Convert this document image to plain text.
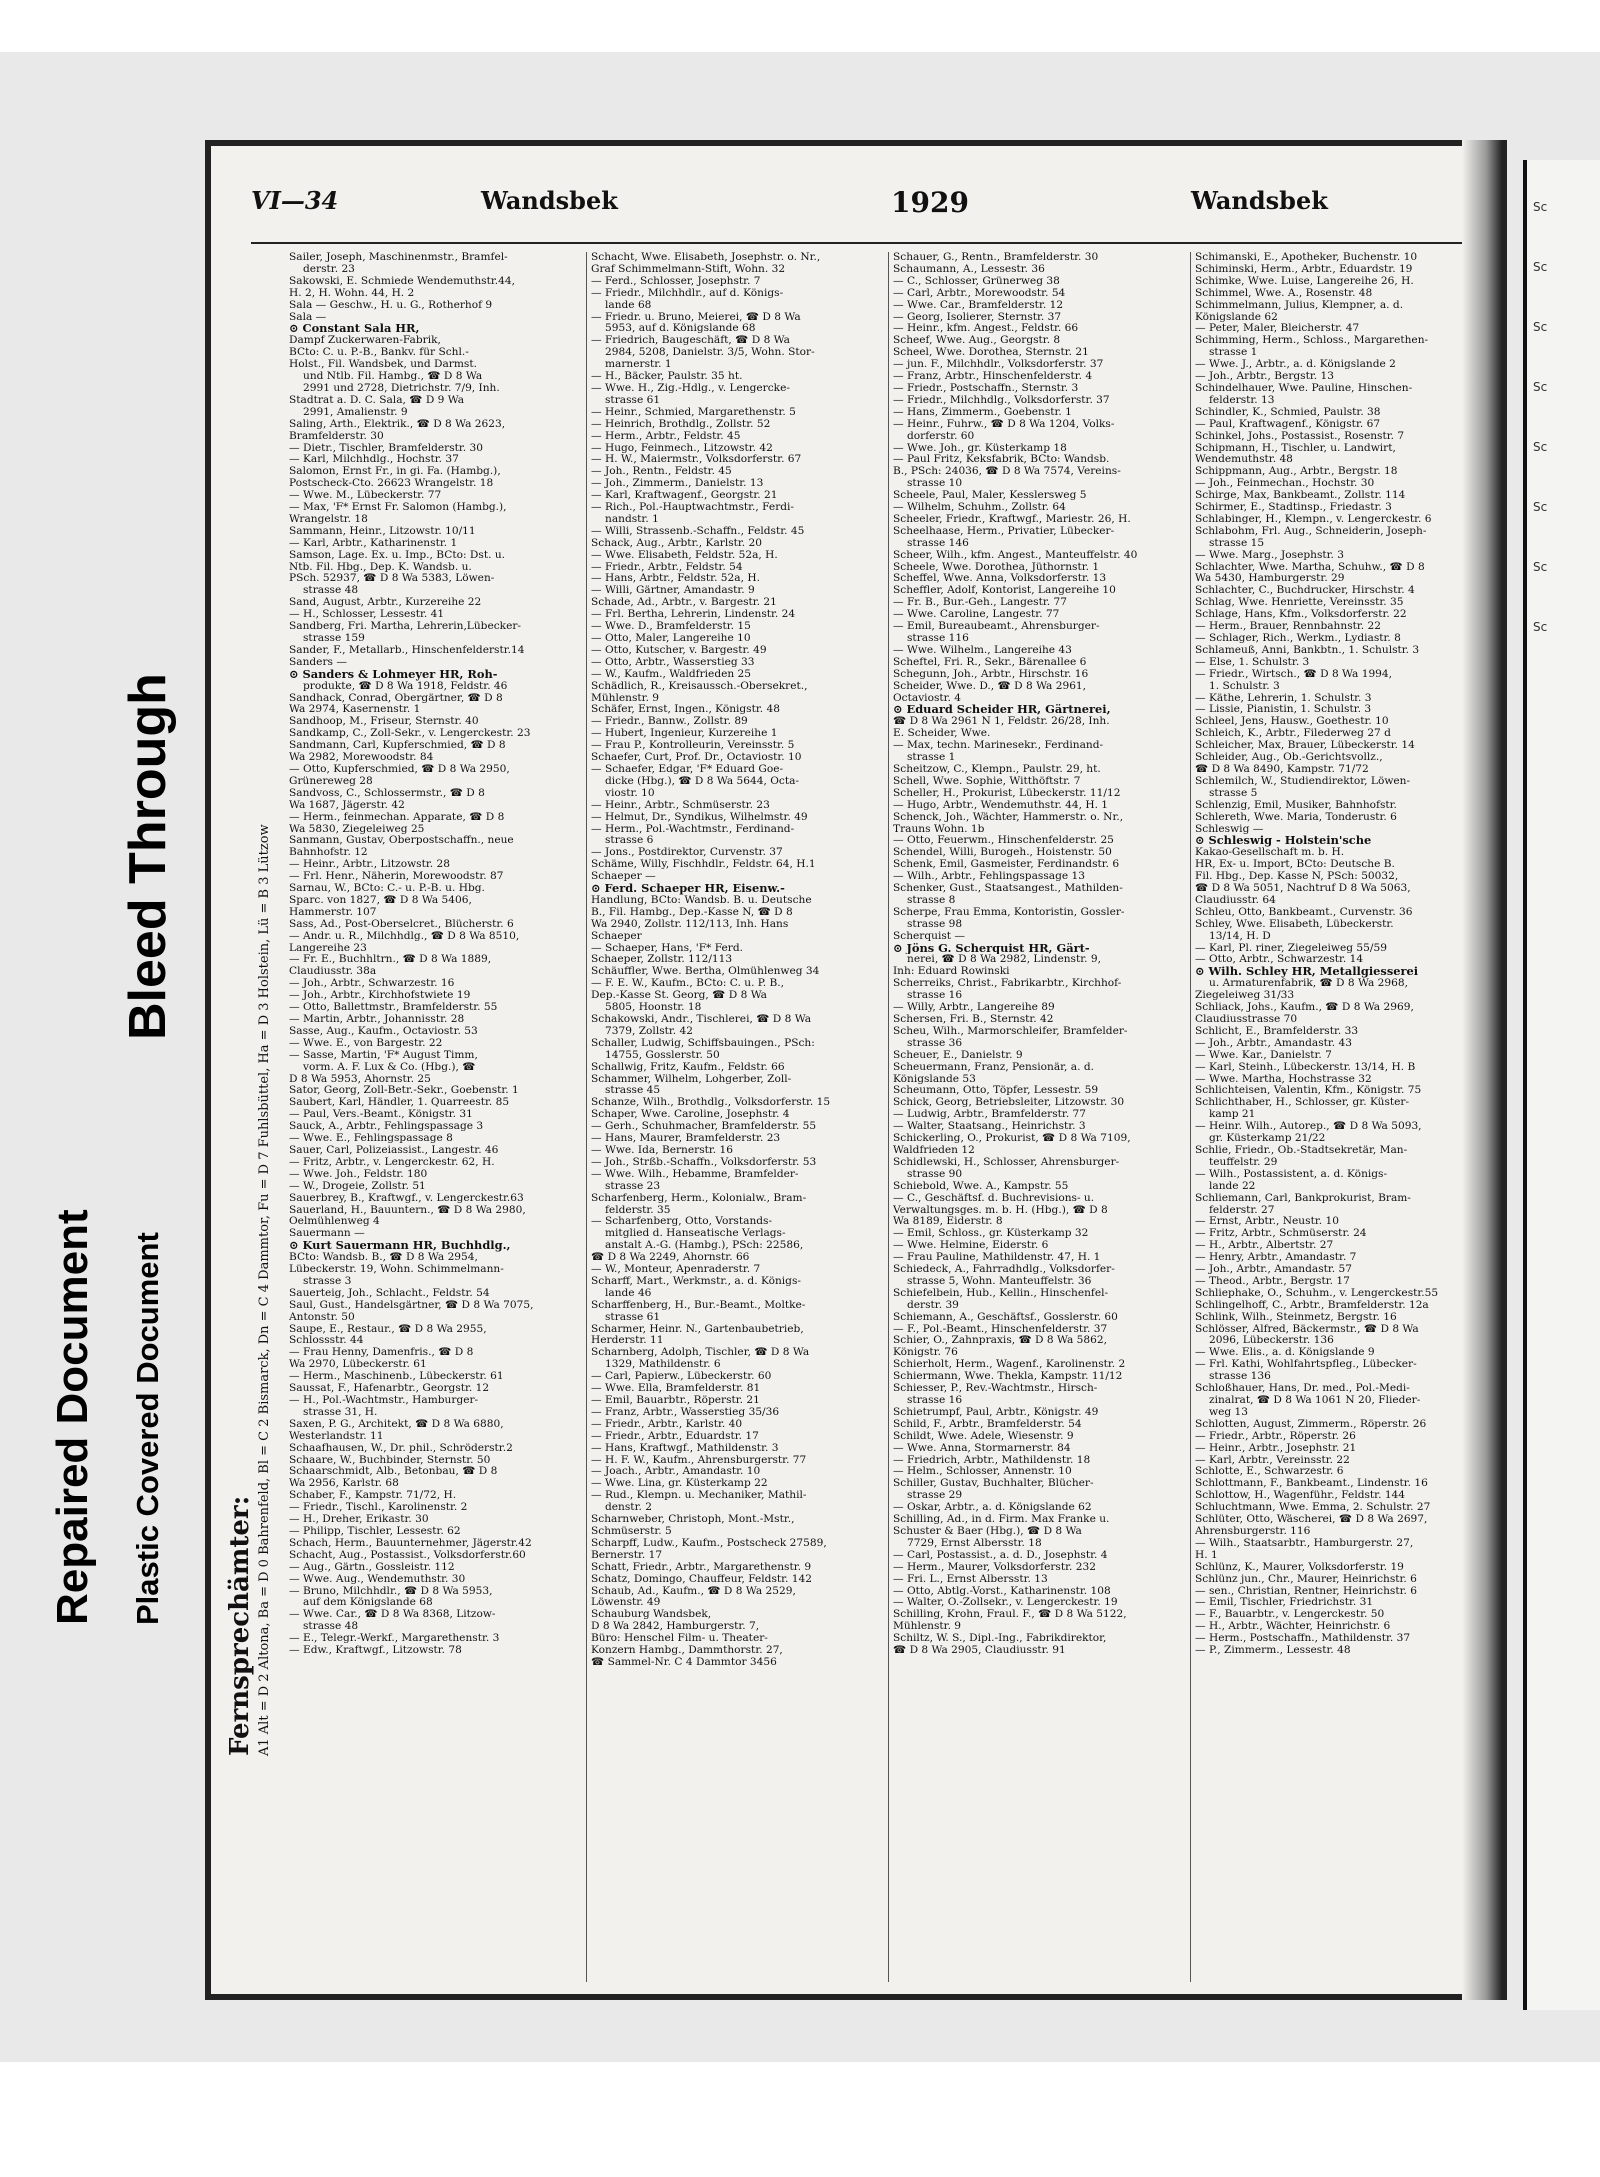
Repaired Document Plastic Covered Document
Bleed Through
VI—34	Wandsbek	1929	Wandsbek
Fernsprechämter: A1 Alt = D 2 Altona, Ba = D 0 Bahrenfeld, Bl = C 2 Bismarck, Dn = C 4 Dammtor, Fu = D 7 Fuhlsbüttel, Ha = D 3 Holstein, Lü = B 3 Lützow
Sailer, Joseph, Maschinenmstr., Bramfel-
derstr. 23
Sakowski, E. Schmiede Wendemuthstr.44,
H. 2, H. Wohn. 44, H. 2
Sala — Geschw., H. u. G., Rotherhof 9
Sala —
⊙ Constant Sala HR,
Dampf Zuckerwaren-Fabrik,
BCto: C. u. P.-B., Bankv. für Schl.-
Holst., Fil. Wandsbek, und Darmst.
und Ntlb. Fil. Hambg., ☎ D 8 Wa
2991 und 2728, Dietrichstr. 7/9, Inh.
Stadtrat a. D. C. Sala, ☎ D 9 Wa
2991, Amalienstr. 9
Saling, Arth., Elektrik., ☎ D 8 Wa 2623,
Bramfelderstr. 30
— Dietr., Tischler, Bramfelderstr. 30
— Karl, Milchhdlg., Hochstr. 37
Salomon, Ernst Fr., in gi. Fa. (Hambg.),
Postscheck-Cto. 26623 Wrangelstr. 18
— Wwe. M., Lübeckerstr. 77
— Max, 'F* Ernst Fr. Salomon (Hambg.),
Wrangelstr. 18
Sammann, Heinr., Litzowstr. 10/11
— Karl, Arbtr., Katharinenstr. 1
Samson, Lage. Ex. u. Imp., BCto: Dst. u.
Ntb. Fil. Hbg., Dep. K. Wandsb. u.
PSch. 52937, ☎ D 8 Wa 5383, Löwen-
strasse 48
Sand, August, Arbtr., Kurzereihe 22
— H., Schlosser, Lessestr. 41
Sandberg, Fri. Martha, Lehrerin,Lübecker-
strasse 159
Sander, F., Metallarb., Hinschenfelderstr.14
Sanders —
⊙ Sanders & Lohmeyer HR, Roh-
produkte, ☎ D 8 Wa 1918, Feldstr. 46
Sandhack, Conrad, Obergärtner, ☎ D 8
Wa 2974, Kasernenstr. 1
Sandhoop, M., Friseur, Sternstr. 40
Sandkamp, C., Zoll-Sekr., v. Lengerckestr. 23
Sandmann, Carl, Kupferschmied, ☎ D 8
Wa 2982, Morewoodstr. 84
— Otto, Kupferschmied, ☎ D 8 Wa 2950,
Grünereweg 28
Sandvoss, C., Schlossermstr., ☎ D 8
Wa 1687, Jägerstr. 42
— Herm., feinmechan. Apparate, ☎ D 8
Wa 5830, Ziegeleiweg 25
Sanmann, Gustav, Oberpostschaffn., neue
Bahnhofstr. 12
— Heinr., Arbtr., Litzowstr. 28
— Frl. Henr., Näherin, Morewoodstr. 87
Sarnau, W., BCto: C.- u. P.-B. u. Hbg.
Sparc. von 1827, ☎ D 8 Wa 5406,
Hammerstr. 107
Sass, Ad., Post-Oberselcret., Blücherstr. 6
— Andr. u. R., Milchhdlg., ☎ D 8 Wa 8510,
Langereihe 23
— Fr. E., Buchhltrn., ☎ D 8 Wa 1889,
Claudiusstr. 38a
— Joh., Arbtr., Schwarzestr. 16
— Joh., Arbtr., Kirchhofstwiete 19
— Otto, Ballettmstr., Bramfelderstr. 55
— Martin, Arbtr., Johannisstr. 28
Sasse, Aug., Kaufm., Octaviostr. 53
— Wwe. E., von Bargestr. 22
— Sasse, Martin, 'F* August Timm,
vorm. A. F. Lux & Co. (Hbg.), ☎
D 8 Wa 5953, Ahornstr. 25
Sator, Georg, Zoll-Betr.-Sekr., Goebenstr. 1
Saubert, Karl, Händler, 1. Quarreestr. 85
— Paul, Vers.-Beamt., Königstr. 31
Sauck, A., Arbtr., Fehlingspassage 3
— Wwe. E., Fehlingspassage 8
Sauer, Carl, Polizeiassist., Langestr. 46
— Fritz, Arbtr., v. Lengerckestr. 62, H.
— Wwe. Joh., Feldstr. 180
— W., Drogeie, Zollstr. 51
Sauerbrey, B., Kraftwgf., v. Lengerckestr.63
Sauerland, H., Bauuntern., ☎ D 8 Wa 2980,
Oelmühlenweg 4
Sauermann —
⊙ Kurt Sauermann HR, Buchhdlg.,
BCto: Wandsb. B., ☎ D 8 Wa 2954,
Lübeckerstr. 19, Wohn. Schimmelmann-
strasse 3
Sauerteig, Joh., Schlacht., Feldstr. 54
Saul, Gust., Handelsgärtner, ☎ D 8 Wa 7075,
Antonstr. 50
Saupe, E., Restaur., ☎ D 8 Wa 2955,
Schlossstr. 44
— Frau Henny, Damenfris., ☎ D 8
Wa 2970, Lübeckerstr. 61
— Herm., Maschinenb., Lübeckerstr. 61
Saussat, F., Hafenarbtr., Georgstr. 12
— H., Pol.-Wachtmstr., Hamburger-
strasse 31, H.
Saxen, P. G., Architekt, ☎ D 8 Wa 6880,
Westerlandstr. 11
Schaafhausen, W., Dr. phil., Schröderstr.2
Schaare, W., Buchbinder, Sternstr. 50
Schaarschmidt, Alb., Betonbau, ☎ D 8
Wa 2956, Karlstr. 68
Schaber, F., Kampstr. 71/72, H.
— Friedr., Tischl., Karolinenstr. 2
— H., Dreher, Erikastr. 30
— Philipp, Tischler, Lessestr. 62
Schach, Herm., Bauunternehmer, Jägerstr.42
Schacht, Aug., Postassist., Volksdorferstr.60
— Aug., Gärtn., Gossleistr. 112
— Wwe. Aug., Wendemuthstr. 30
— Bruno, Milchhdlr., ☎ D 8 Wa 5953,
auf dem Königslande 68
— Wwe. Car., ☎ D 8 Wa 8368, Litzow-
strasse 48
— E., Telegr.-Werkf., Margarethenstr. 3
— Edw., Kraftwgf., Litzowstr. 78
Schacht, Wwe. Elisabeth, Josephstr. o. Nr.,
Graf Schimmelmann-Stift, Wohn. 32
— Ferd., Schlosser, Josephstr. 7
— Friedr., Milchhdlr., auf d. Königs-
lande 68
— Friedr. u. Bruno, Meierei, ☎ D 8 Wa
5953, auf d. Königslande 68
— Friedrich, Baugeschäft, ☎ D 8 Wa
2984, 5208, Danielstr. 3/5, Wohn. Stor-
marnerstr. 1
— H., Bäcker, Paulstr. 35 ht.
— Wwe. H., Zig.-Hdlg., v. Lengercke-
strasse 61
— Heinr., Schmied, Margarethenstr. 5
— Heinrich, Brothdlg., Zollstr. 52
— Herm., Arbtr., Feldstr. 45
— Hugo, Feinmech., Litzowstr. 42
— H. W., Maiermstr., Volksdorferstr. 67
— Joh., Rentn., Feldstr. 45
— Joh., Zimmerm., Danielstr. 13
— Karl, Kraftwagenf., Georgstr. 21
— Rich., Pol.-Hauptwachtmstr., Ferdi-
nandstr. 1
— Willi, Strassenb.-Schaffn., Feldstr. 45
Schack, Aug., Arbtr., Karlstr. 20
— Wwe. Elisabeth, Feldstr. 52a, H.
— Friedr., Arbtr., Feldstr. 54
— Hans, Arbtr., Feldstr. 52a, H.
— Willi, Gärtner, Amandastr. 9
Schade, Ad., Arbtr., v. Bargestr. 21
— Frl. Bertha, Lehrerin, Lindenstr. 24
— Wwe. D., Bramfelderstr. 15
— Otto, Maler, Langereihe 10
— Otto, Kutscher, v. Bargestr. 49
— Otto, Arbtr., Wasserstieg 33
— W., Kaufm., Waldfrieden 25
Schädlich, R., Kreisaussch.-Obersekret.,
Mühlenstr. 9
Schäfer, Ernst, Ingen., Königstr. 48
— Friedr., Bannw., Zollstr. 89
— Hubert, Ingenieur, Kurzereihe 1
— Frau P., Kontrolleurin, Vereinsstr. 5
Schaefer, Curt, Prof. Dr., Octaviostr. 10
— Schaefer, Edgar, 'F* Eduard Goe-
dicke (Hbg.), ☎ D 8 Wa 5644, Octa-
viostr. 10
— Heinr., Arbtr., Schmüserstr. 23
— Helmut, Dr., Syndikus, Wilhelmstr. 49
— Herm., Pol.-Wachtmstr., Ferdinand-
strasse 6
— Jons., Postdirektor, Curvenstr. 37
Schäme, Willy, Fischhdlr., Feldstr. 64, H.1
Schaeper —
⊙ Ferd. Schaeper HR, Eisenw.-
Handlung, BCto: Wandsb. B. u. Deutsche
B., Fil. Hambg., Dep.-Kasse N, ☎ D 8
Wa 2940, Zollstr. 112/113, Inh. Hans
Schaeper
— Schaeper, Hans, 'F* Ferd.
Schaeper, Zollstr. 112/113
Schäuffler, Wwe. Bertha, Ölmühlenweg 34
— F. E. W., Kaufm., BCto: C. u. P. B.,
Dep.-Kasse St. Georg, ☎ D 8 Wa
5805, Hoonstr. 18
Schakowski, Andr., Tischlerei, ☎ D 8 Wa
7379, Zollstr. 42
Schaller, Ludwig, Schiffsbauingen., PSch:
14755, Gosslerstr. 50
Schallwig, Fritz, Kaufm., Feldstr. 66
Schammer, Wilhelm, Lohgerber, Zoll-
strasse 45
Schanze, Wilh., Brothdlg., Volksdorferstr. 15
Schaper, Wwe. Caroline, Josephstr. 4
— Gerh., Schuhmacher, Bramfelderstr. 55
— Hans, Maurer, Bramfelderstr. 23
— Wwe. Ida, Bernerstr. 16
— Joh., Strßb.-Schaffn., Volksdorferstr. 53
— Wwe. Wilh., Hebamme, Bramfelder-
strasse 23
Scharfenberg, Herm., Kolonialw., Bram-
felderstr. 35
— Scharfenberg, Otto, Vorstands-
mitglied d. Hanseatische Verlags-
anstalt A.-G. (Hambg.), PSch: 22586,
☎ D 8 Wa 2249, Ahornstr. 66
— W., Monteur, Apenraderstr. 7
Scharff, Mart., Werkmstr., a. d. Königs-
lande 46
Scharffenberg, H., Bur.-Beamt., Moltke-
strasse 61
Scharmer, Heinr. N., Gartenbaubetrieb,
Herderstr. 11
Scharnberg, Adolph, Tischler, ☎ D 8 Wa
1329, Mathildenstr. 6
— Carl, Papierw., Lübeckerstr. 60
— Wwe. Ella, Bramfelderstr. 81
— Emil, Bauarbtr., Röperstr. 21
— Franz, Arbtr., Wasserstieg 35/36
— Friedr., Arbtr., Karlstr. 40
— Friedr., Arbtr., Eduardstr. 17
— Hans, Kraftwgf., Mathildenstr. 3
— H. F. W., Kaufm., Ahrensburgerstr. 77
— Joach., Arbtr., Amandastr. 10
— Wwe. Lina, gr. Küsterkamp 22
— Rud., Klempn. u. Mechaniker, Mathil-
denstr. 2
Scharnweber, Christoph, Mont.-Mstr.,
Schmüserstr. 5
Scharpff, Ludw., Kaufm., Postscheck 27589,
Bernerstr. 17
Schatt, Friedr., Arbtr., Margarethenstr. 9
Schatz, Domingo, Chauffeur, Feldstr. 142
Schaub, Ad., Kaufm., ☎ D 8 Wa 2529,
Löwenstr. 49
Schauburg Wandsbek,
D 8 Wa 2842, Hamburgerstr. 7,
Büro: Henschel Film- u. Theater-
Konzern Hambg., Dammthorstr. 27,
☎ Sammel-Nr. C 4 Dammtor 3456
Schauer, G., Rentn., Bramfelderstr. 30
Schaumann, A., Lessestr. 36
— C., Schlosser, Grünerweg 38
— Carl, Arbtr., Morewoodstr. 54
— Wwe. Car., Bramfelderstr. 12
— Georg, Isolierer, Sternstr. 37
— Heinr., kfm. Angest., Feldstr. 66
Scheef, Wwe. Aug., Georgstr. 8
Scheel, Wwe. Dorothea, Sternstr. 21
— jun. F., Milchhdlr., Volksdorferstr. 37
— Franz, Arbtr., Hinschenfelderstr. 4
— Friedr., Postschaffn., Sternstr. 3
— Friedr., Milchhdlg., Volksdorferstr. 37
— Hans, Zimmerm., Goebenstr. 1
— Heinr., Fuhrw., ☎ D 8 Wa 1204, Volks-
dorferstr. 60
— Wwe. Joh., gr. Küsterkamp 18
— Paul Fritz, Keksfabrik, BCto: Wandsb.
B., PSch: 24036, ☎ D 8 Wa 7574, Vereins-
strasse 10
Scheele, Paul, Maler, Kesslersweg 5
— Wilhelm, Schuhm., Zollstr. 64
Scheeler, Friedr., Kraftwgf., Mariestr. 26, H.
Scheelhaase, Herm., Privatier, Lübecker-
strasse 146
Scheer, Wilh., kfm. Angest., Manteuffelstr. 40
Scheele, Wwe. Dorothea, Jüthornstr. 1
Scheffel, Wwe. Anna, Volksdorferstr. 13
Scheffler, Adolf, Kontorist, Langereihe 10
— Fr. B., Bur.-Geh., Langestr. 77
— Wwe. Caroline, Langestr. 77
— Emil, Bureaubeamt., Ahrensburger-
strasse 116
— Wwe. Wilhelm., Langereihe 43
Scheftel, Fri. R., Sekr., Bärenallee 6
Schegunn, Joh., Arbtr., Hirschstr. 16
Scheider, Wwe. D., ☎ D 8 Wa 2961,
Octaviostr. 4
⊙ Eduard Scheider HR, Gärtnerei,
☎ D 8 Wa 2961 N 1, Feldstr. 26/28, Inh.
E. Scheider, Wwe.
— Max, techn. Marinesekr., Ferdinand-
strasse 1
Scheitzow, C., Klempn., Paulstr. 29, ht.
Schell, Wwe. Sophie, Witthöftstr. 7
Scheller, H., Prokurist, Lübeckerstr. 11/12
— Hugo, Arbtr., Wendemuthstr. 44, H. 1
Schenck, Joh., Wächter, Hammerstr. o. Nr.,
Trauns Wohn. 1b
— Otto, Feuerwm., Hinschenfelderstr. 25
Schendel, Willi, Burogeh., Hoistenstr. 50
Schenk, Emil, Gasmeister, Ferdinandstr. 6
— Wilh., Arbtr., Fehlingspassage 13
Schenker, Gust., Staatsangest., Mathilden-
strasse 8
Scherpe, Frau Emma, Kontoristin, Gossler-
strasse 98
Scherquist —
⊙ Jöns G. Scherquist HR, Gärt-
nerei, ☎ D 8 Wa 2982, Lindenstr. 9,
Inh: Eduard Rowinski
Scherreiks, Christ., Fabrikarbtr., Kirchhof-
strasse 16
— Willy, Arbtr., Langereihe 89
Schersen, Fri. B., Sternstr. 42
Scheu, Wilh., Marmorschleifer, Bramfelder-
strasse 36
Scheuer, E., Danielstr. 9
Scheuermann, Franz, Pensionär, a. d.
Königslande 53
Scheumann, Otto, Töpfer, Lessestr. 59
Schick, Georg, Betriebsleiter, Litzowstr. 30
— Ludwig, Arbtr., Bramfelderstr. 77
— Walter, Staatsang., Heinrichstr. 3
Schickerling, O., Prokurist, ☎ D 8 Wa 7109,
Waldfrieden 12
Schidlewski, H., Schlosser, Ahrensburger-
strasse 90
Schiebold, Wwe. A., Kampstr. 55
— C., Geschäftsf. d. Buchrevisions- u.
Verwaltungsges. m. b. H. (Hbg.), ☎ D 8
Wa 8189, Eiderstr. 8
— Emil, Schloss., gr. Küsterkamp 32
— Wwe. Helmine, Eiderstr. 6
— Frau Pauline, Mathildenstr. 47, H. 1
Schiedeck, A., Fahrradhdlg., Volksdorfer-
strasse 5, Wohn. Manteuffelstr. 36
Schiefelbein, Hub., Kellin., Hinschenfel-
derstr. 39
Schiemann, A., Geschäftsf., Gosslerstr. 60
— F., Pol.-Beamt., Hinschenfelderstr. 37
Schier, O., Zahnpraxis, ☎ D 8 Wa 5862,
Königstr. 76
Schierholt, Herm., Wagenf., Karolinenstr. 2
Schiermann, Wwe. Thekla, Kampstr. 11/12
Schiesser, P., Rev.-Wachtmstr., Hirsch-
strasse 16
Schietrumpf, Paul, Arbtr., Königstr. 49
Schild, F., Arbtr., Bramfelderstr. 54
Schildt, Wwe. Adele, Wiesenstr. 9
— Wwe. Anna, Stormarnerstr. 84
— Friedrich, Arbtr., Mathildenstr. 18
— Helm., Schlosser, Annenstr. 10
Schiller, Gustav, Buchhalter, Blücher-
strasse 29
— Oskar, Arbtr., a. d. Königslande 62
Schilling, Ad., in d. Firm. Max Franke u.
Schuster & Baer (Hbg.), ☎ D 8 Wa
7729, Ernst Albersstr. 18
— Carl, Postassist., a. d. D., Josephstr. 4
— Herm., Maurer, Volksdorferstr. 232
— Fri. L., Ernst Albersstr. 13
— Otto, Abtlg.-Vorst., Katharinenstr. 108
— Walter, O.-Zollsekr., v. Lengerckestr. 19
Schilling, Krohn, Fraul. F., ☎ D 8 Wa 5122,
Mühlenstr. 9
Schiltz, W. S., Dipl.-Ing., Fabrikdirektor,
☎ D 8 Wa 2905, Claudiusstr. 91
Schimanski, E., Apotheker, Buchenstr. 10
Schiminski, Herm., Arbtr., Eduardstr. 19
Schimke, Wwe. Luise, Langereihe 26, H.
Schimmel, Wwe. A., Rosenstr. 48
Schimmelmann, Julius, Klempner, a. d.
Königslande 62
— Peter, Maler, Bleicherstr. 47
Schimming, Herm., Schloss., Margarethen-
strasse 1
— Wwe. J., Arbtr., a. d. Königslande 2
— Joh., Arbtr., Bergstr. 13
Schindelhauer, Wwe. Pauline, Hinschen-
felderstr. 13
Schindler, K., Schmied, Paulstr. 38
— Paul, Kraftwagenf., Königstr. 67
Schinkel, Johs., Postassist., Rosenstr. 7
Schipmann, H., Tischler, u. Landwirt,
Wendemuthstr. 48
Schippmann, Aug., Arbtr., Bergstr. 18
— Joh., Feinmechan., Hochstr. 30
Schirge, Max, Bankbeamt., Zollstr. 114
Schirmer, E., Stadtinsp., Friedastr. 3
Schlabinger, H., Klempn., v. Lengerckestr. 6
Schlabohm, Frl. Aug., Schneiderin, Joseph-
strasse 15
— Wwe. Marg., Josephstr. 3
Schlachter, Wwe. Martha, Schuhw., ☎ D 8
Wa 5430, Hamburgerstr. 29
Schlachter, C., Buchdrucker, Hirschstr. 4
Schlag, Wwe. Henriette, Vereinsstr. 35
Schlage, Hans, Kfm., Volksdorferstr. 22
— Herm., Brauer, Rennbahnstr. 22
— Schlager, Rich., Werkm., Lydiastr. 8
Schlameuß, Anni, Bankbtn., 1. Schulstr. 3
— Else, 1. Schulstr. 3
— Friedr., Wirtsch., ☎ D 8 Wa 1994,
1. Schulstr. 3
— Käthe, Lehrerin, 1. Schulstr. 3
— Lissie, Pianistin, 1. Schulstr. 3
Schleel, Jens, Hausw., Goethestr. 10
Schleich, K., Arbtr., Filederweg 27 d
Schleicher, Max, Brauer, Lübeckerstr. 14
Schleider, Aug., Ob.-Gerichtsvollz.,
☎ D 8 Wa 8490, Kampstr. 71/72
Schlemilch, W., Studiendirektor, Löwen-
strasse 5
Schlenzig, Emil, Musiker, Bahnhofstr.
Schlereth, Wwe. Maria, Tonderustr. 6
Schleswig —
⊙ Schleswig - Holstein'sche
Kakao-Gesellschaft m. b. H.
HR, Ex- u. Import, BCto: Deutsche B.
Fil. Hbg., Dep. Kasse N, PSch: 50032,
☎ D 8 Wa 5051, Nachtruf D 8 Wa 5063,
Claudiusstr. 64
Schleu, Otto, Bankbeamt., Curvenstr. 36
Schley, Wwe. Elisabeth, Lübeckerstr.
13/14, H. D
— Karl, Pl. riner, Ziegeleiweg 55/59
— Otto, Arbtr., Schwarzestr. 14
⊙ Wilh. Schley HR, Metallgiesserei
u. Armaturenfabrik, ☎ D 8 Wa 2968,
Ziegeleiweg 31/33
Schliack, Johs., Kaufm., ☎ D 8 Wa 2969,
Claudiusstrasse 70
Schlicht, E., Bramfelderstr. 33
— Joh., Arbtr., Amandastr. 43
— Wwe. Kar., Danielstr. 7
— Karl, Steinh., Lübeckerstr. 13/14, H. B
— Wwe. Martha, Hochstrasse 32
Schlichteisen, Valentin, Kfm., Königstr. 75
Schlichthaber, H., Schlosser, gr. Küster-
kamp 21
— Heinr. Wilh., Autorep., ☎ D 8 Wa 5093,
gr. Küsterkamp 21/22
Schlie, Friedr., Ob.-Stadtsekretär, Man-
teuffelstr. 29
— Wilh., Postassistent, a. d. Königs-
lande 22
Schliemann, Carl, Bankprokurist, Bram-
felderstr. 27
— Ernst, Arbtr., Neustr. 10
— Fritz, Arbtr., Schmüserstr. 24
— H., Arbtr., Albertstr. 27
— Henry, Arbtr., Amandastr. 7
— Joh., Arbtr., Amandastr. 57
— Theod., Arbtr., Bergstr. 17
Schliephake, O., Schuhm., v. Lengerckestr.55
Schlingelhoff, C., Arbtr., Bramfelderstr. 12a
Schlink, Wilh., Steinmetz, Bergstr. 16
Schlösser, Alfred, Bäckermstr., ☎ D 8 Wa
2096, Lübeckerstr. 136
— Wwe. Elis., a. d. Königslande 9
— Frl. Kathi, Wohlfahrtspfleg., Lübecker-
strasse 136
Schloßhauer, Hans, Dr. med., Pol.-Medi-
zinalrat, ☎ D 8 Wa 1061 N 20, Flieder-
weg 13
Schlotten, August, Zimmerm., Röperstr. 26
— Friedr., Arbtr., Röperstr. 26
— Heinr., Arbtr., Josephstr. 21
— Karl, Arbtr., Vereinsstr. 22
Schlotte, E., Schwarzestr. 6
Schlottmann, F., Bankbeamt., Lindenstr. 16
Schlottow, H., Wagenführ., Feldstr. 144
Schluchtmann, Wwe. Emma, 2. Schulstr. 27
Schlüter, Otto, Wäscherei, ☎ D 8 Wa 2697,
Ahrensburgerstr. 116
— Wilh., Staatsarbtr., Hamburgerstr. 27,
H. 1
Schlünz, K., Maurer, Volksdorferstr. 19
Schlünz jun., Chr., Maurer, Heinrichstr. 6
— sen., Christian, Rentner, Heinrichstr. 6
— Emil, Tischler, Friedrichstr. 31
— F., Bauarbtr., v. Lengerckestr. 50
— H., Arbtr., Wächter, Heinrichstr. 6
— Herm., Postschaffn., Mathildenstr. 37
— P., Zimmerm., Lessestr. 48
Sc
Sc
Sc
Sc
Sc
Sc
Sc
Sc
